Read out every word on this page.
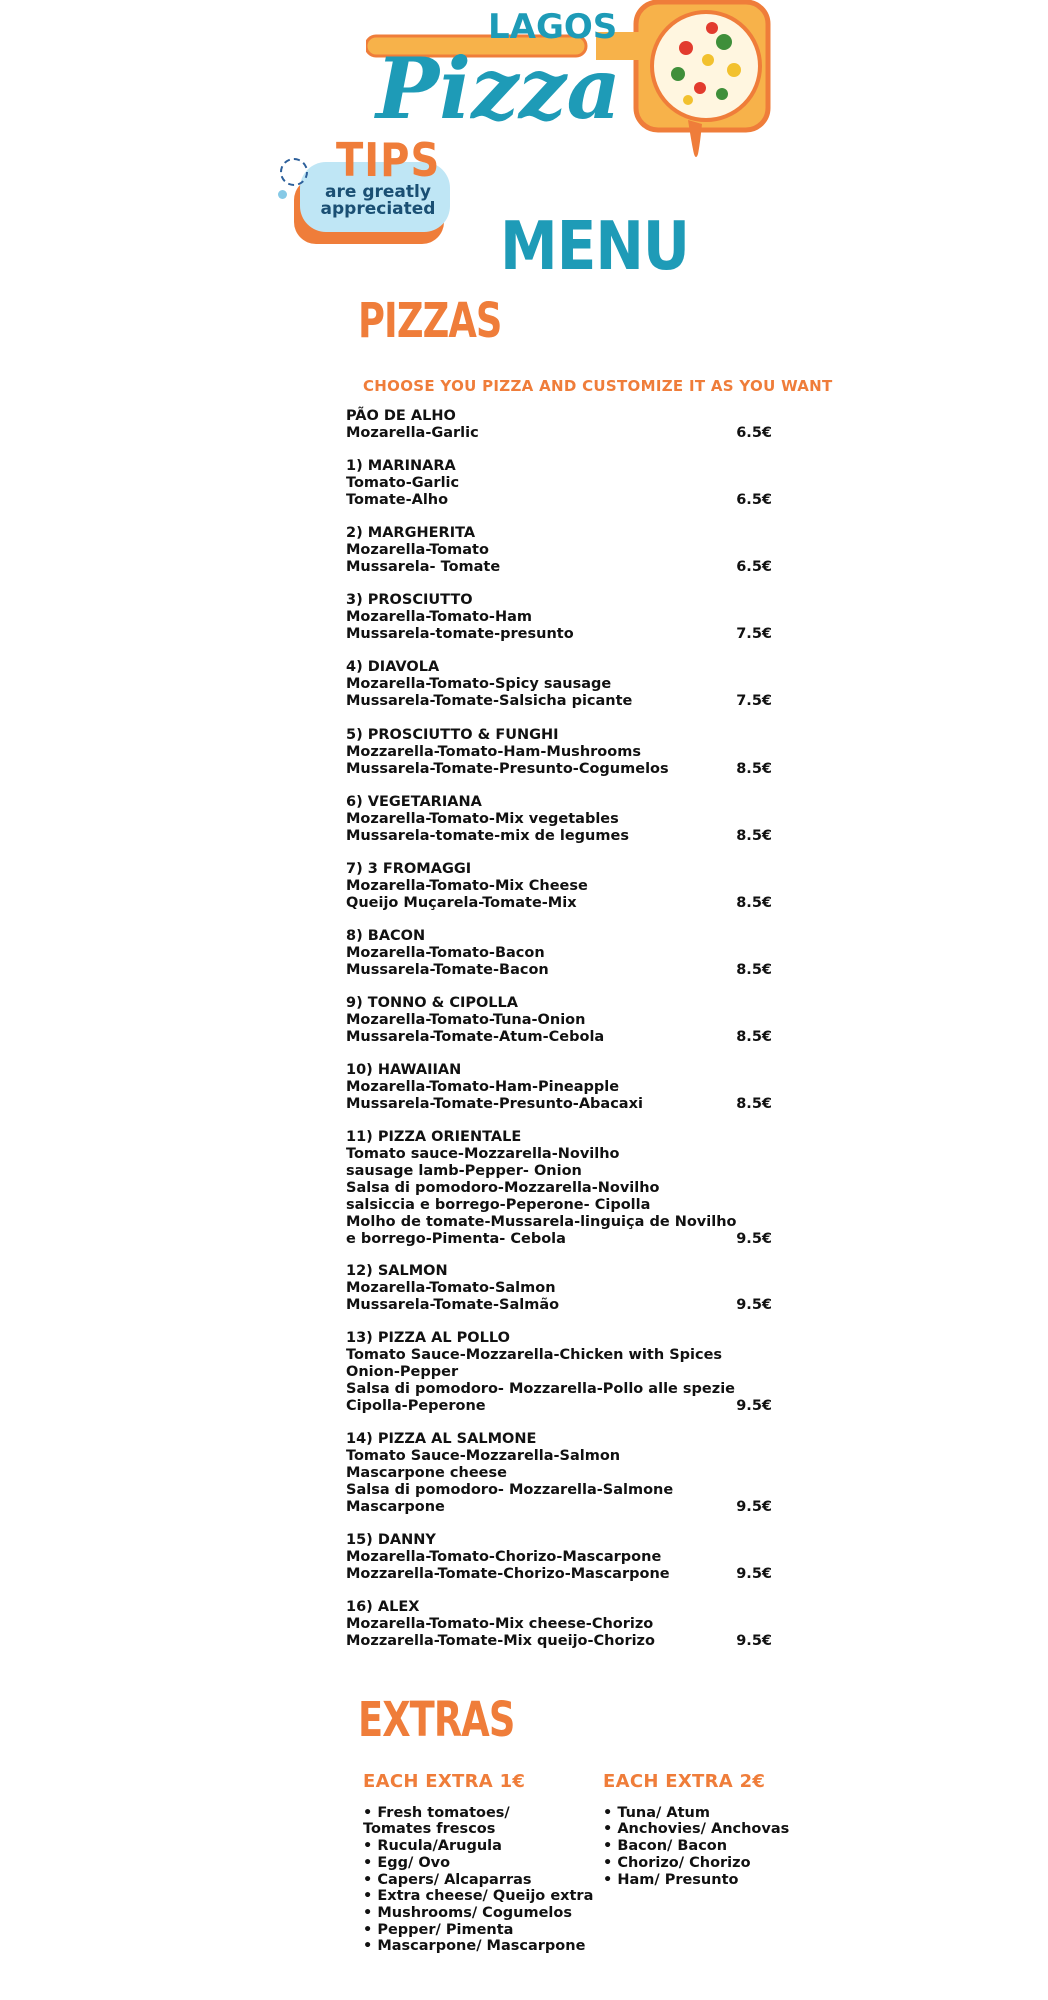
LAGOS
Pizza
TIPS
are greatly
appreciated MENU
PIZZAS
CHOOSE YOU PIZZA AND CUSTOMIZE IT AS YOU WANT
PÃO DE ALHO
Mozarella-Garlic	6.5€
1) MARINARA
Tomato-Garlic
Tomate-Alho	6.5€
2) MARGHERITA
Mozarella-Tomato
Mussarela- Tomate	6.5€
3) PROSCIUTTO
Mozarella-Tomato-Ham
Mussarela-tomate-presunto	7.5€
4) DIAVOLA
Mozarella-Tomato-Spicy sausage
Mussarela-Tomate-Salsicha picante	7.5€
5) PROSCIUTTO & FUNGHI
Mozzarella-Tomato-Ham-Mushrooms
Mussarela-Tomate-Presunto-Cogumelos	8.5€
6) VEGETARIANA
Mozarella-Tomato-Mix vegetables
Mussarela-tomate-mix de legumes	8.5€
7) 3 FROMAGGI
Mozarella-Tomato-Mix Cheese
Queijo Muçarela-Tomate-Mix	8.5€
8) BACON
Mozarella-Tomato-Bacon
Mussarela-Tomate-Bacon	8.5€
9) TONNO & CIPOLLA
Mozarella-Tomato-Tuna-Onion
Mussarela-Tomate-Atum-Cebola	8.5€
10) HAWAIIAN
Mozarella-Tomato-Ham-Pineapple
Mussarela-Tomate-Presunto-Abacaxi	8.5€
11) PIZZA ORIENTALE
Tomato sauce-Mozzarella-Novilho
sausage lamb-Pepper- Onion
Salsa di pomodoro-Mozzarella-Novilho
salsiccia e borrego-Peperone- Cipolla
Molho de tomate-Mussarela-linguiça de Novilho
e borrego-Pimenta- Cebola	9.5€
12) SALMON
Mozarella-Tomato-Salmon
Mussarela-Tomate-Salmão	9.5€
13) PIZZA AL POLLO
Tomato Sauce-Mozzarella-Chicken with Spices
Onion-Pepper
Salsa di pomodoro- Mozzarella-Pollo alle spezie
Cipolla-Peperone	9.5€
14) PIZZA AL SALMONE
Tomato Sauce-Mozzarella-Salmon
Mascarpone cheese
Salsa di pomodoro- Mozzarella-Salmone
Mascarpone	9.5€
15) DANNY
Mozarella-Tomato-Chorizo-Mascarpone
Mozzarella-Tomate-Chorizo-Mascarpone	9.5€
16) ALEX
Mozarella-Tomato-Mix cheese-Chorizo
Mozzarella-Tomate-Mix queijo-Chorizo	9.5€
EXTRAS
EACH EXTRA 1€
• Fresh tomatoes/
Tomates frescos
• Rucula/Arugula
• Egg/ Ovo
• Capers/ Alcaparras
• Extra cheese/ Queijo extra
• Mushrooms/ Cogumelos
• Pepper/ Pimenta
• Mascarpone/ Mascarpone
EACH EXTRA 2€
• Tuna/ Atum
• Anchovies/ Anchovas
• Bacon/ Bacon
• Chorizo/ Chorizo
• Ham/ Presunto
